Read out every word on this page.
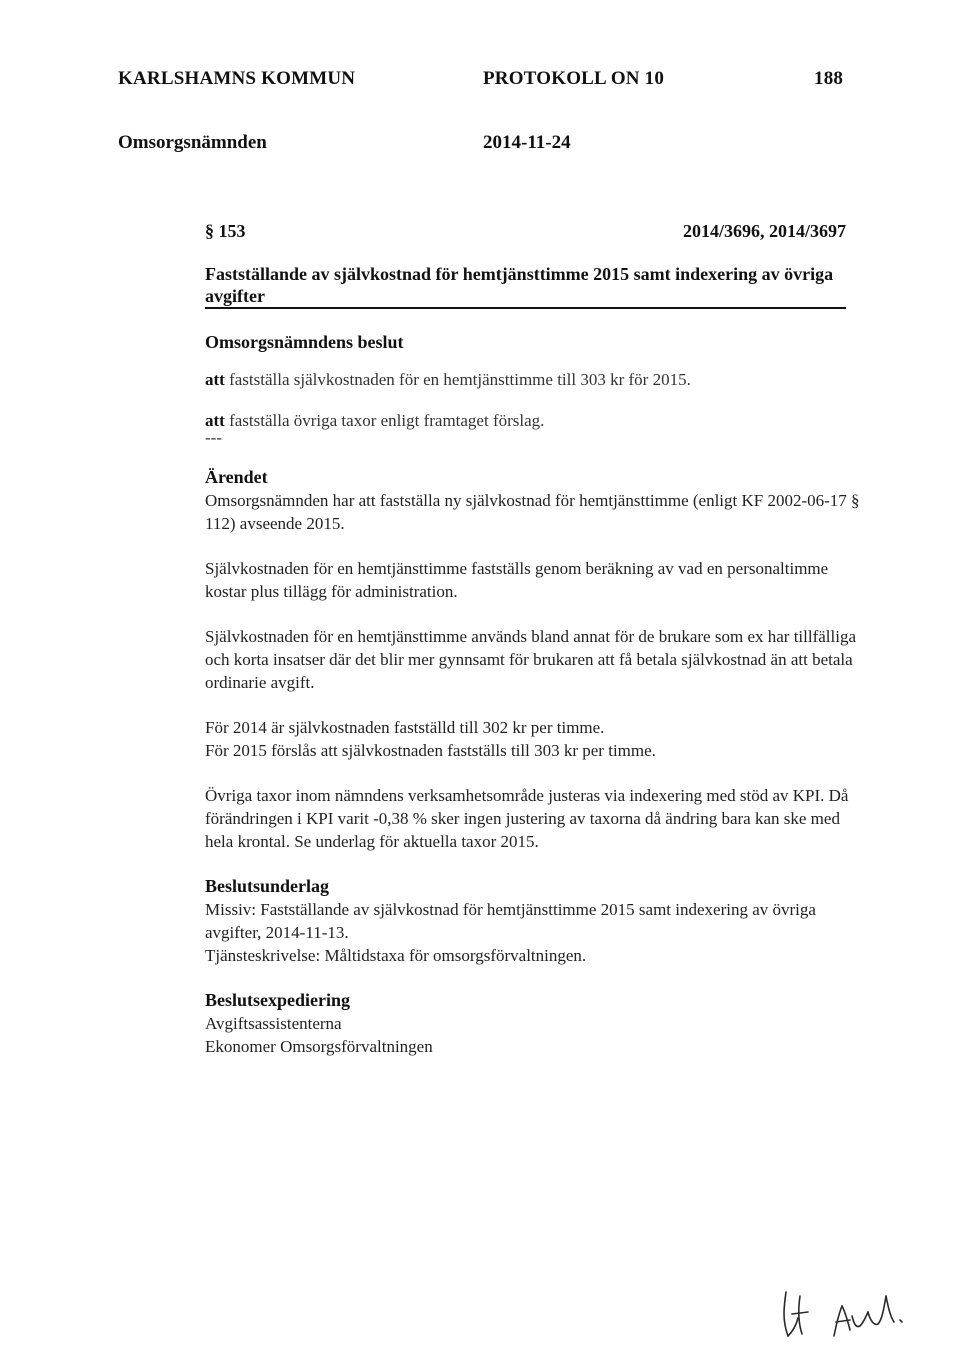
KARLSHAMNS KOMMUN	PROTOKOLL ON 10	188
Omsorgsnämnden	2014-11-24
§ 153	2014/3696, 2014/3697
Fastställande av självkostnad för hemtjänsttimme 2015 samt indexering av övriga avgifter
Omsorgsnämndens beslut
att fastställa självkostnaden för en hemtjänsttimme till 303 kr för 2015.
att fastställa övriga taxor enligt framtaget förslag.
---
Ärendet
Omsorgsnämnden har att fastställa ny självkostnad för hemtjänsttimme (enligt KF 2002-06-17 § 112) avseende 2015.
Självkostnaden för en hemtjänsttimme fastställs genom beräkning av vad en personaltimme kostar plus tillägg för administration.
Självkostnaden för en hemtjänsttimme används bland annat för de brukare som ex har tillfälliga och korta insatser där det blir mer gynnsamt för brukaren att få betala självkostnad än att betala ordinarie avgift.
För 2014 är självkostnaden fastställd till 302 kr per timme.
För 2015 förslås att självkostnaden fastställs till 303 kr per timme.
Övriga taxor inom nämndens verksamhetsområde justeras via indexering med stöd av KPI. Då förändringen i KPI varit -0,38 % sker ingen justering av taxorna då ändring bara kan ske med hela krontal. Se underlag för aktuella taxor 2015.
Beslutsunderlag
Missiv: Fastställande av självkostnad för hemtjänsttimme 2015 samt indexering av övriga avgifter, 2014-11-13.
Tjänsteskrivelse: Måltidstaxa för omsorgsförvaltningen.
Beslutsexpediering
Avgiftsassistenterna
Ekonomer Omsorgsförvaltningen
